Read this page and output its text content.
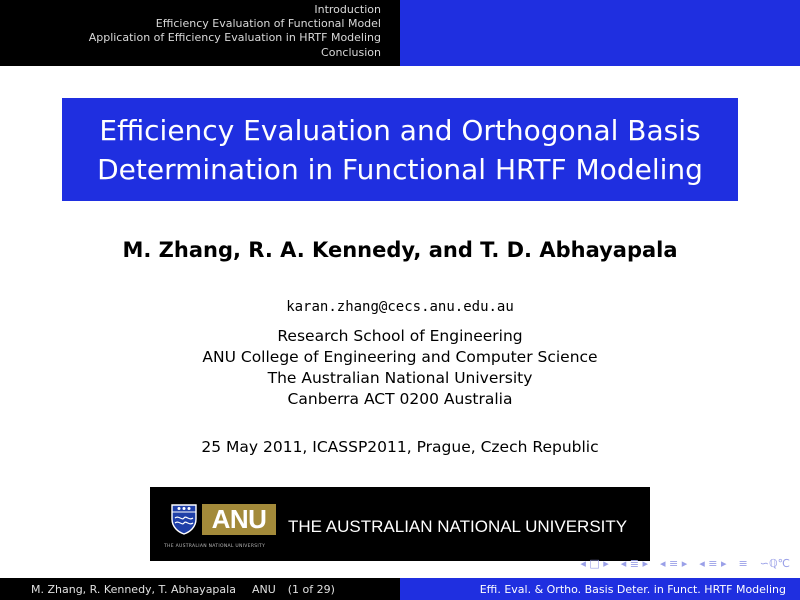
Introduction
Efficiency Evaluation of Functional Model
Application of Efficiency Evaluation in HRTF Modeling
Conclusion
Efficiency Evaluation and Orthogonal Basis
Determination in Functional HRTF Modeling
M. Zhang, R. A. Kennedy, and T. D. Abhayapala
karan.zhang@cecs.anu.edu.au
Research School of Engineering
ANU College of Engineering and Computer Science
The Australian National University
Canberra ACT 0200 Australia
25 May 2011, ICASSP2011, Prague, Czech Republic
ANU
THE AUSTRALIAN NATIONAL UNIVERSITY
THE AUSTRALIAN NATIONAL UNIVERSITY
◂ □ ▸ ◂ ≣ ▸ ◂ ≡ ▸ ◂ ≡ ▸ ≡ ∽ℚ℃
M. Zhang, R. Kennedy, T. Abhayapala ANU (1 of 29)	Effi. Eval. & Ortho. Basis Deter. in Funct. HRTF Modeling
